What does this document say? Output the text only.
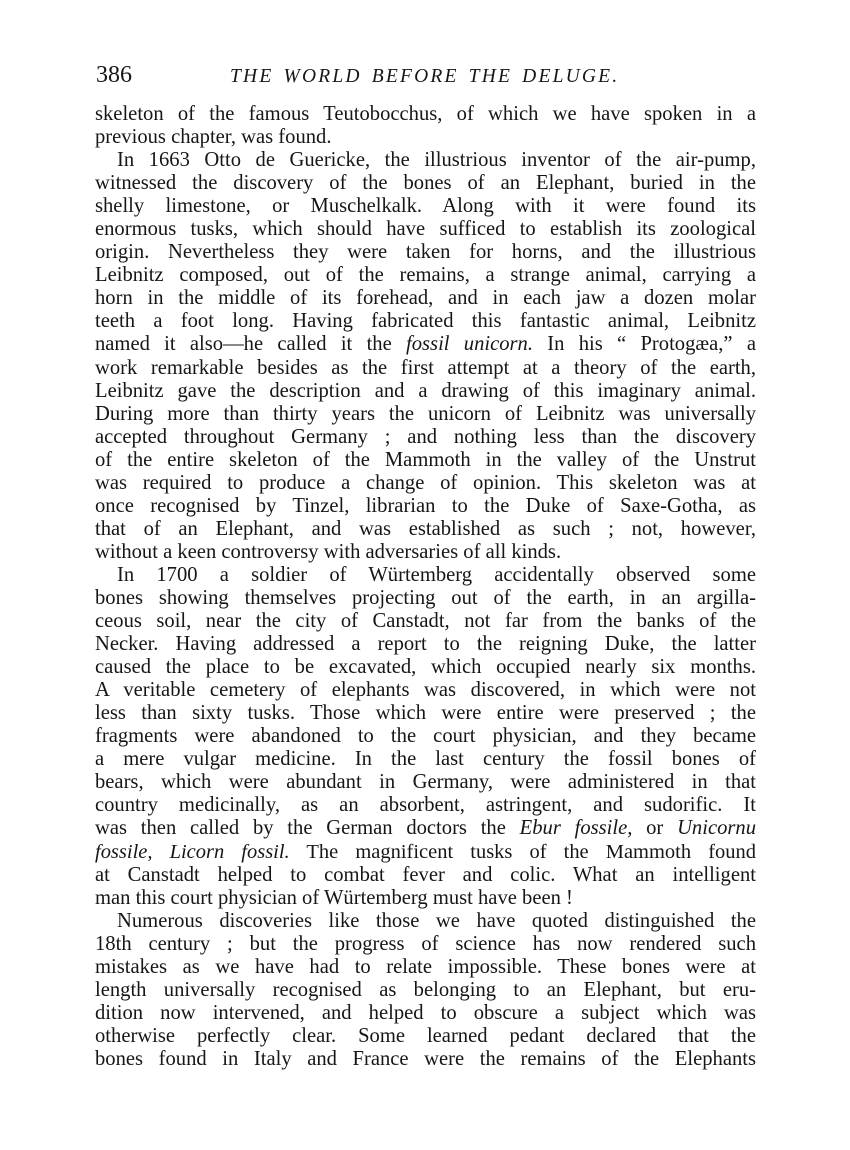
386	THE WORLD BEFORE THE DELUGE.
skeleton of the famous Teutobocchus, of which we have spoken in a
previous chapter, was found.
In 1663 Otto de Guericke, the illustrious inventor of the air-pump,
witnessed the discovery of the bones of an Elephant, buried in the
shelly limestone, or Muschelkalk. Along with it were found its
enormous tusks, which should have sufficed to establish its zoological
origin. Nevertheless they were taken for horns, and the illustrious
Leibnitz composed, out of the remains, a strange animal, carrying a
horn in the middle of its forehead, and in each jaw a dozen molar
teeth a foot long. Having fabricated this fantastic animal, Leibnitz
named it also—he called it the fossil unicorn. In his “ Protogæa,” a
work remarkable besides as the first attempt at a theory of the earth,
Leibnitz gave the description and a drawing of this imaginary animal.
During more than thirty years the unicorn of Leibnitz was universally
accepted throughout Germany ; and nothing less than the discovery
of the entire skeleton of the Mammoth in the valley of the Unstrut
was required to produce a change of opinion. This skeleton was at
once recognised by Tinzel, librarian to the Duke of Saxe-Gotha, as
that of an Elephant, and was established as such ; not, however,
without a keen controversy with adversaries of all kinds.
In 1700 a soldier of Würtemberg accidentally observed some
bones showing themselves projecting out of the earth, in an argilla-
ceous soil, near the city of Canstadt, not far from the banks of the
Necker. Having addressed a report to the reigning Duke, the latter
caused the place to be excavated, which occupied nearly six months.
A veritable cemetery of elephants was discovered, in which were not
less than sixty tusks. Those which were entire were preserved ; the
fragments were abandoned to the court physician, and they became
a mere vulgar medicine. In the last century the fossil bones of
bears, which were abundant in Germany, were administered in that
country medicinally, as an absorbent, astringent, and sudorific. It
was then called by the German doctors the Ebur fossile, or Unicornu
fossile, Licorn fossil. The magnificent tusks of the Mammoth found
at Canstadt helped to combat fever and colic. What an intelligent
man this court physician of Würtemberg must have been !
Numerous discoveries like those we have quoted distinguished the
18th century ; but the progress of science has now rendered such
mistakes as we have had to relate impossible. These bones were at
length universally recognised as belonging to an Elephant, but eru-
dition now intervened, and helped to obscure a subject which was
otherwise perfectly clear. Some learned pedant declared that the
bones found in Italy and France were the remains of the Elephants
